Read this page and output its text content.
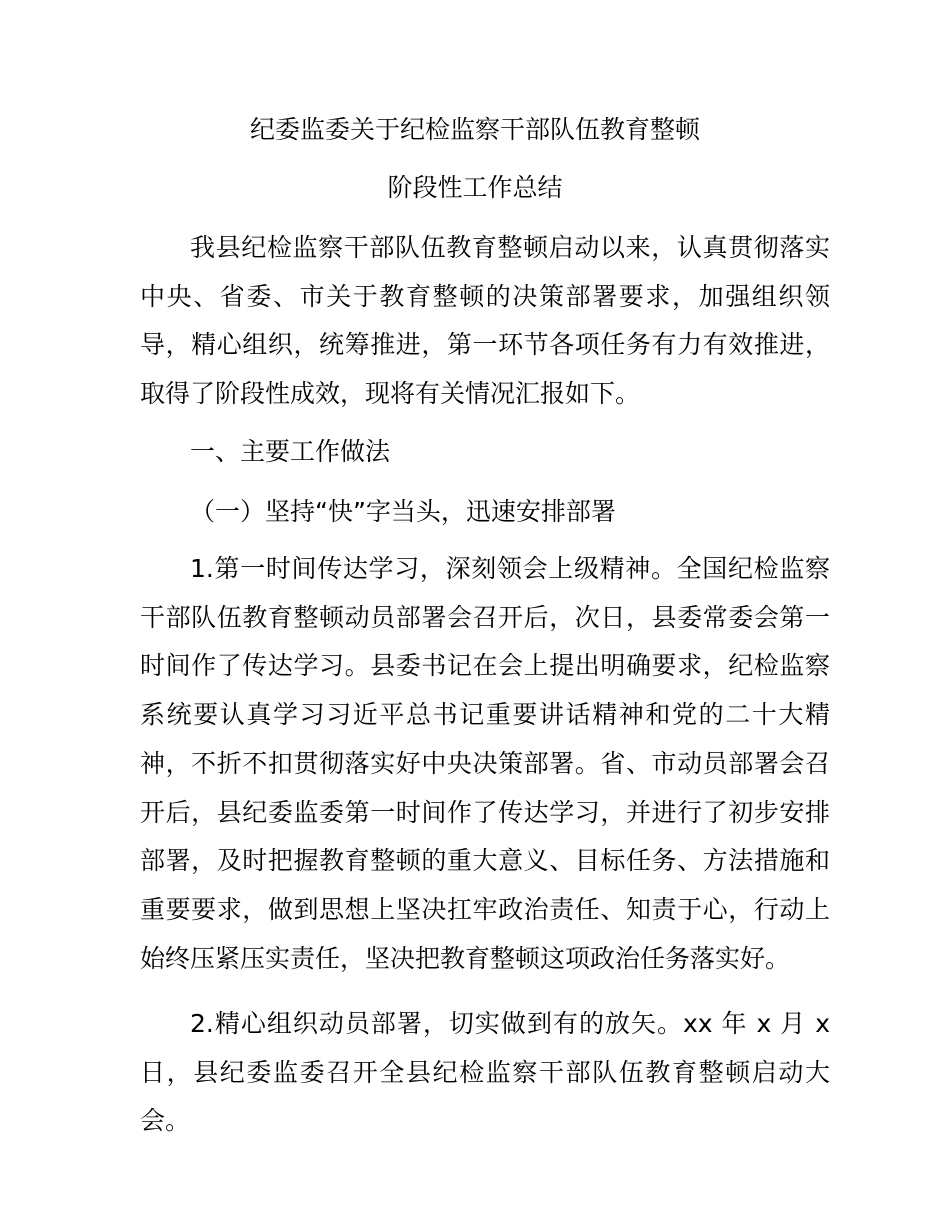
纪委监委关于纪检监察干部队伍教育整顿
阶段性工作总结

我县纪检监察干部队伍教育整顿启动以来，认真贯彻落实中央、省委、市关于教育整顿的决策部署要求，加强组织领导，精心组织，统筹推进，第一环节各项任务有力有效推进，取得了阶段性成效，现将有关情况汇报如下。

一、主要工作做法
（一）坚持“快”字当头，迅速安排部署

1.第一时间传达学习，深刻领会上级精神。全国纪检监察干部队伍教育整顿动员部署会召开后，次日，县委常委会第一时间作了传达学习。县委书记在会上提出明确要求，纪检监察系统要认真学习习近平总书记重要讲话精神和党的二十大精神，不折不扣贯彻落实好中央决策部署。省、市动员部署会召开后，县纪委监委第一时间作了传达学习，并进行了初步安排部署，及时把握教育整顿的重大意义、目标任务、方法措施和重要要求，做到思想上坚决扛牢政治责任、知责于心，行动上始终压紧压实责任，坚决把教育整顿这项政治任务落实好。

2.精心组织动员部署，切实做到有的放矢。xx 年 x 月 x 日，县纪委监委召开全县纪检监察干部队伍教育整顿启动大会。
